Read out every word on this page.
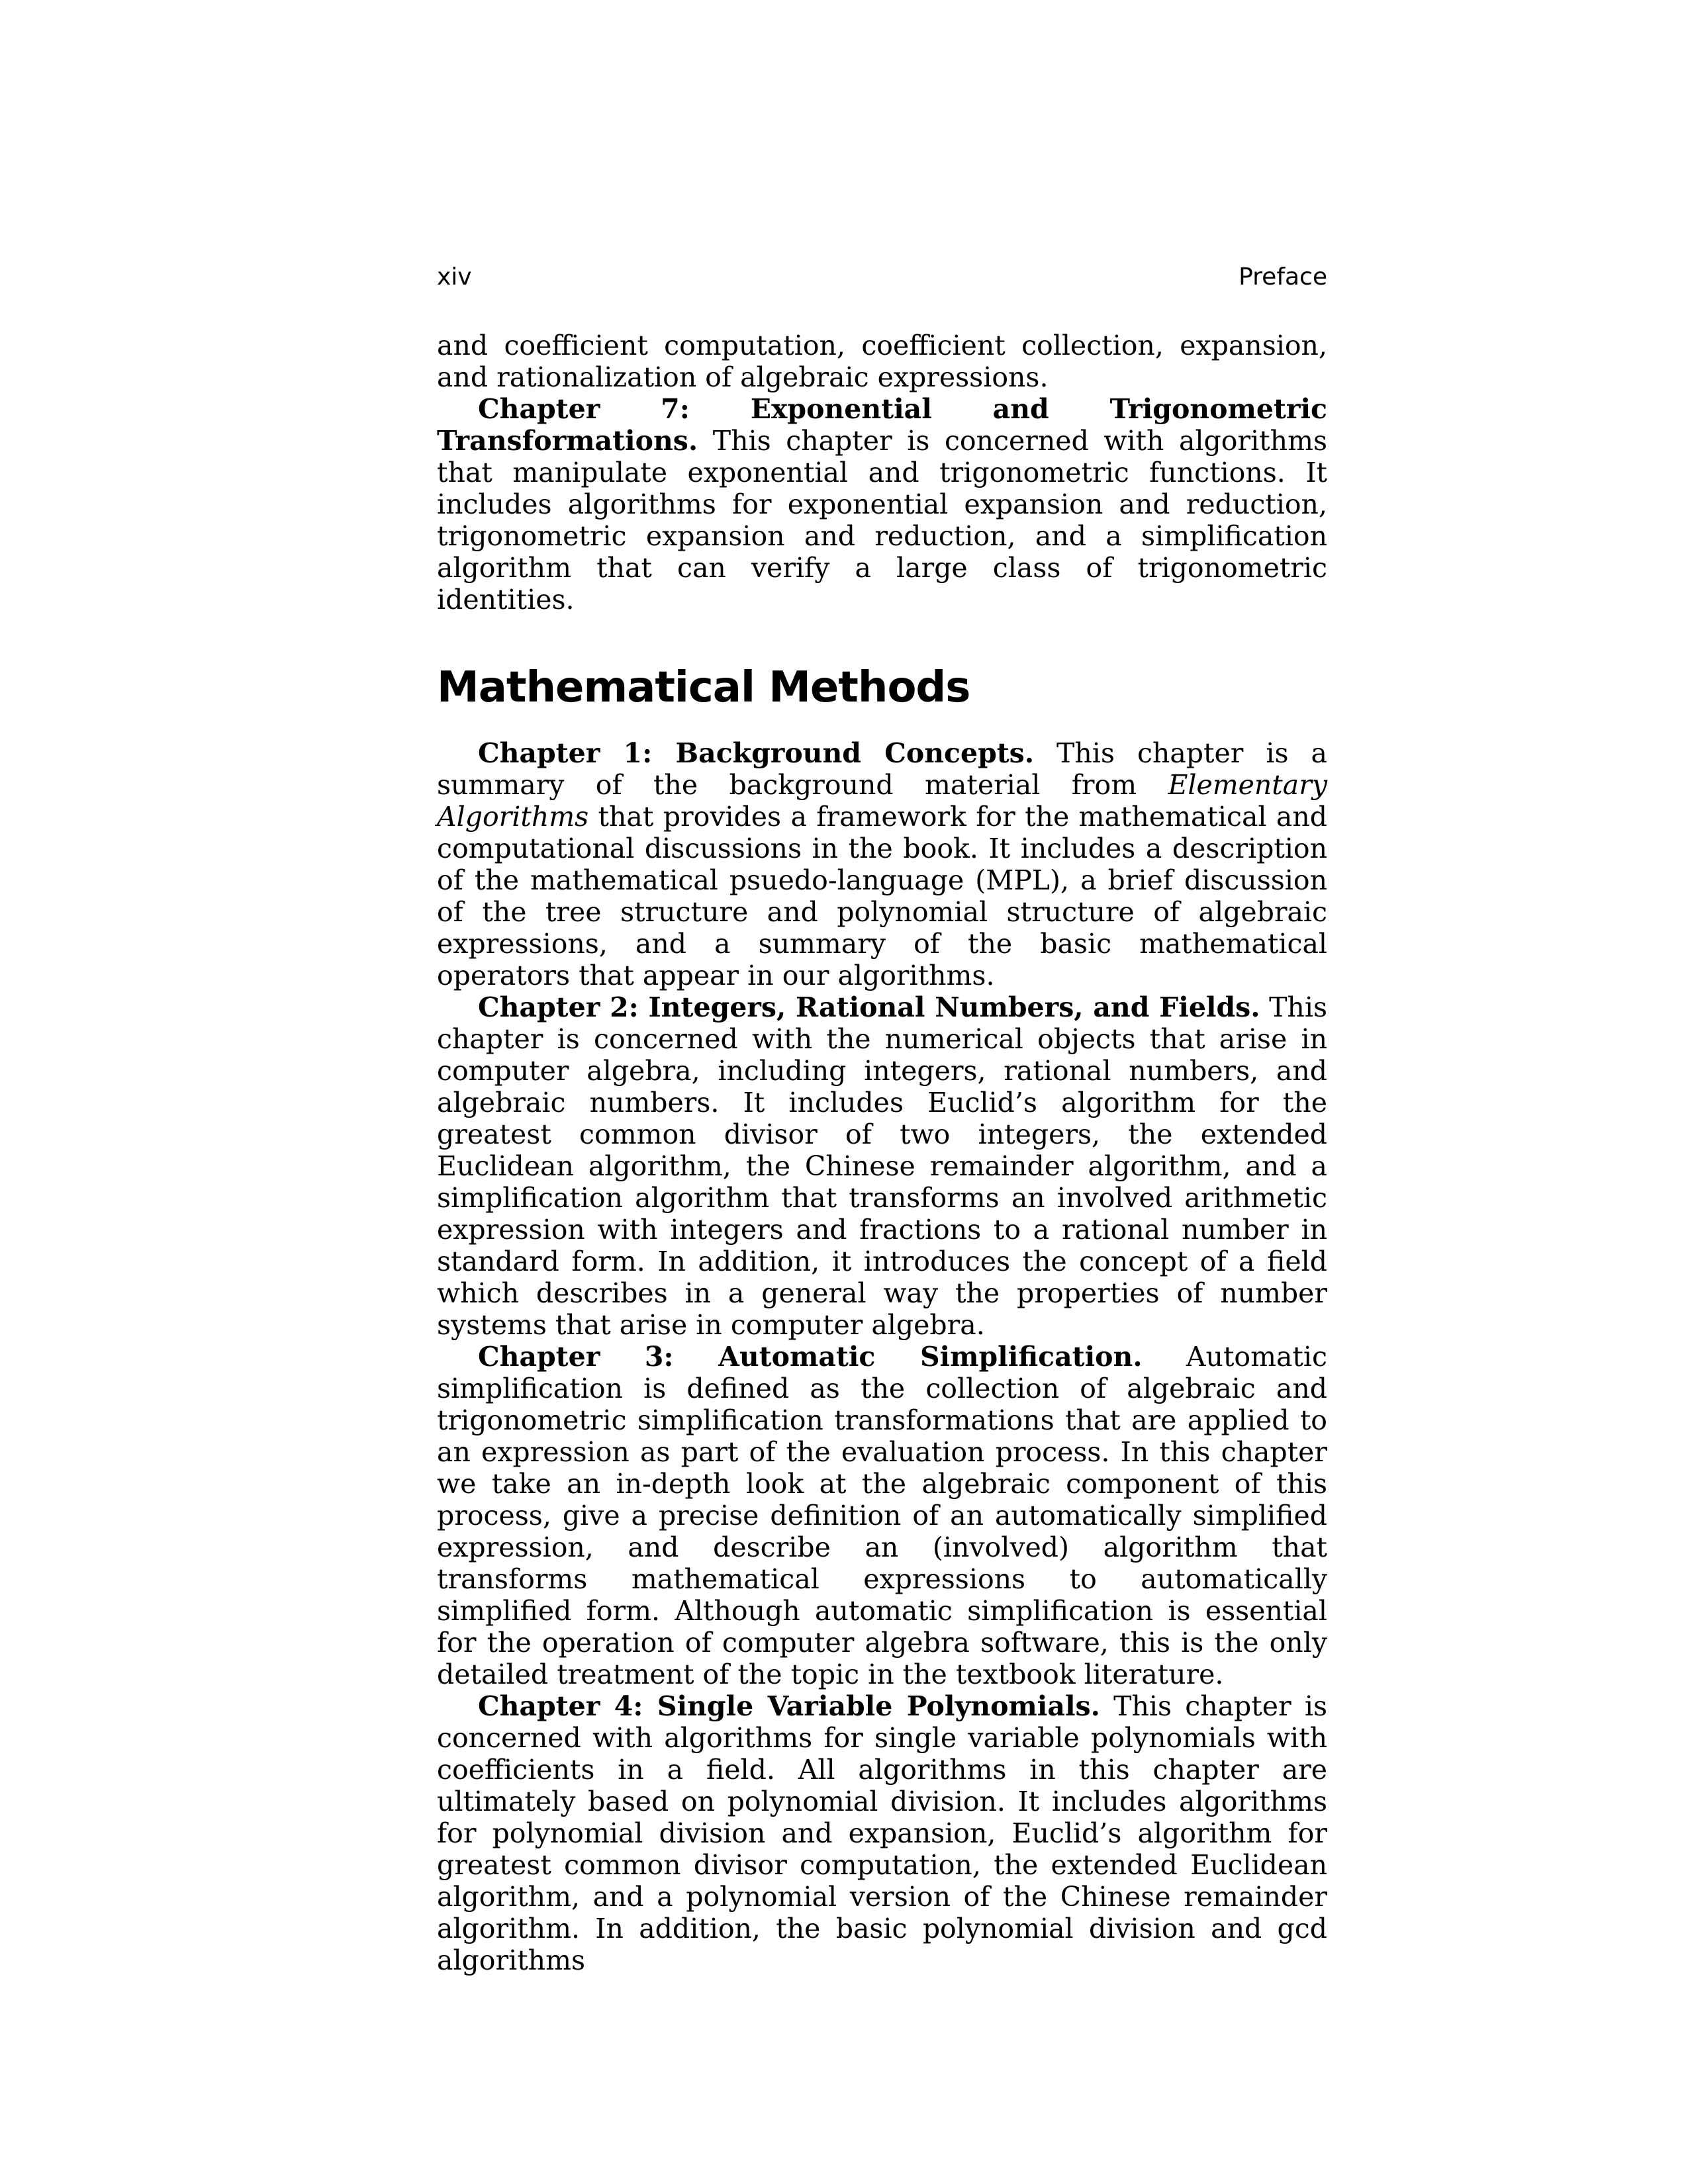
xiv	Preface

and coefficient computation, coefficient collection, expansion, and rationalization of algebraic expressions.

Chapter 7: Exponential and Trigonometric Transformations. This chapter is concerned with algorithms that manipulate exponential and trigonometric functions. It includes algorithms for exponential expansion and reduction, trigonometric expansion and reduction, and a simplification algorithm that can verify a large class of trigonometric identities.

Mathematical Methods

Chapter 1: Background Concepts. This chapter is a summary of the background material from Elementary Algorithms that provides a framework for the mathematical and computational discussions in the book. It includes a description of the mathematical psuedo-language (MPL), a brief discussion of the tree structure and polynomial structure of algebraic expressions, and a summary of the basic mathematical operators that appear in our algorithms.

Chapter 2: Integers, Rational Numbers, and Fields. This chapter is concerned with the numerical objects that arise in computer algebra, including integers, rational numbers, and algebraic numbers. It includes Euclid’s algorithm for the greatest common divisor of two integers, the extended Euclidean algorithm, the Chinese remainder algorithm, and a simplification algorithm that transforms an involved arithmetic expression with integers and fractions to a rational number in standard form. In addition, it introduces the concept of a field which describes in a general way the properties of number systems that arise in computer algebra.

Chapter 3: Automatic Simplification. Automatic simplification is defined as the collection of algebraic and trigonometric simplification transformations that are applied to an expression as part of the evaluation process. In this chapter we take an in-depth look at the algebraic component of this process, give a precise definition of an automatically simplified expression, and describe an (involved) algorithm that transforms mathematical expressions to automatically simplified form. Although automatic simplification is essential for the operation of computer algebra software, this is the only detailed treatment of the topic in the textbook literature.

Chapter 4: Single Variable Polynomials. This chapter is concerned with algorithms for single variable polynomials with coefficients in a field. All algorithms in this chapter are ultimately based on polynomial division. It includes algorithms for polynomial division and expansion, Euclid’s algorithm for greatest common divisor computation, the extended Euclidean algorithm, and a polynomial version of the Chinese remainder algorithm. In addition, the basic polynomial division and gcd algorithms
